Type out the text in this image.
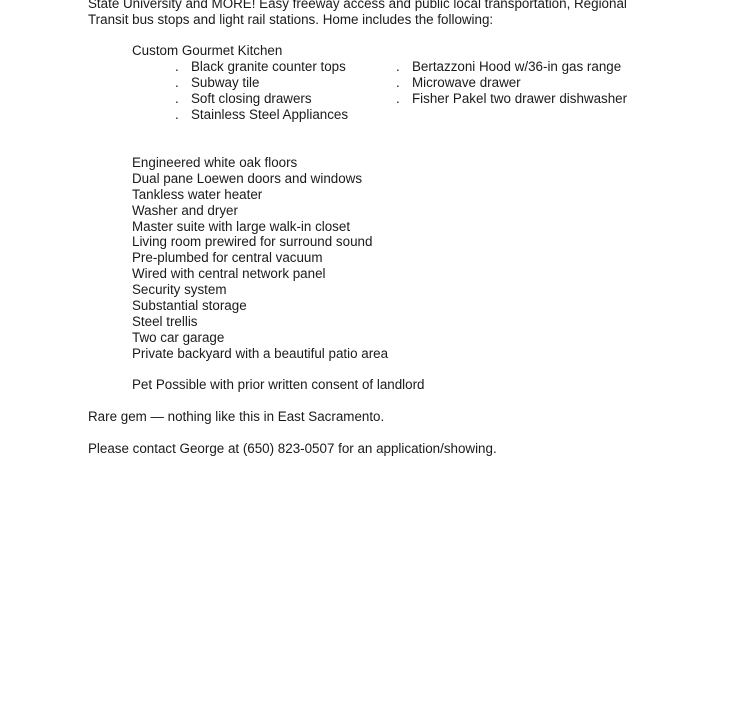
State University and MORE! Easy freeway access and public local transportation, Regional
Transit bus stops and light rail stations. Home includes the following:
Custom Gourmet Kitchen
. Black granite counter tops
. Subway tile
. Soft closing drawers
. Stainless Steel Appliances
. Bertazzoni Hood w/36-in gas range
. Microwave drawer
. Fisher Pakel two drawer dishwasher
Engineered white oak floors
Dual pane Loewen doors and windows
Tankless water heater
Washer and dryer
Master suite with large walk-in closet
Living room prewired for surround sound
Pre-plumbed for central vacuum
Wired with central network panel
Security system
Substantial storage
Steel trellis
Two car garage
Private backyard with a beautiful patio area
Pet Possible with prior written consent of landlord
Rare gem — nothing like this in East Sacramento.
Please contact George at (650) 823-0507 for an application/showing.
